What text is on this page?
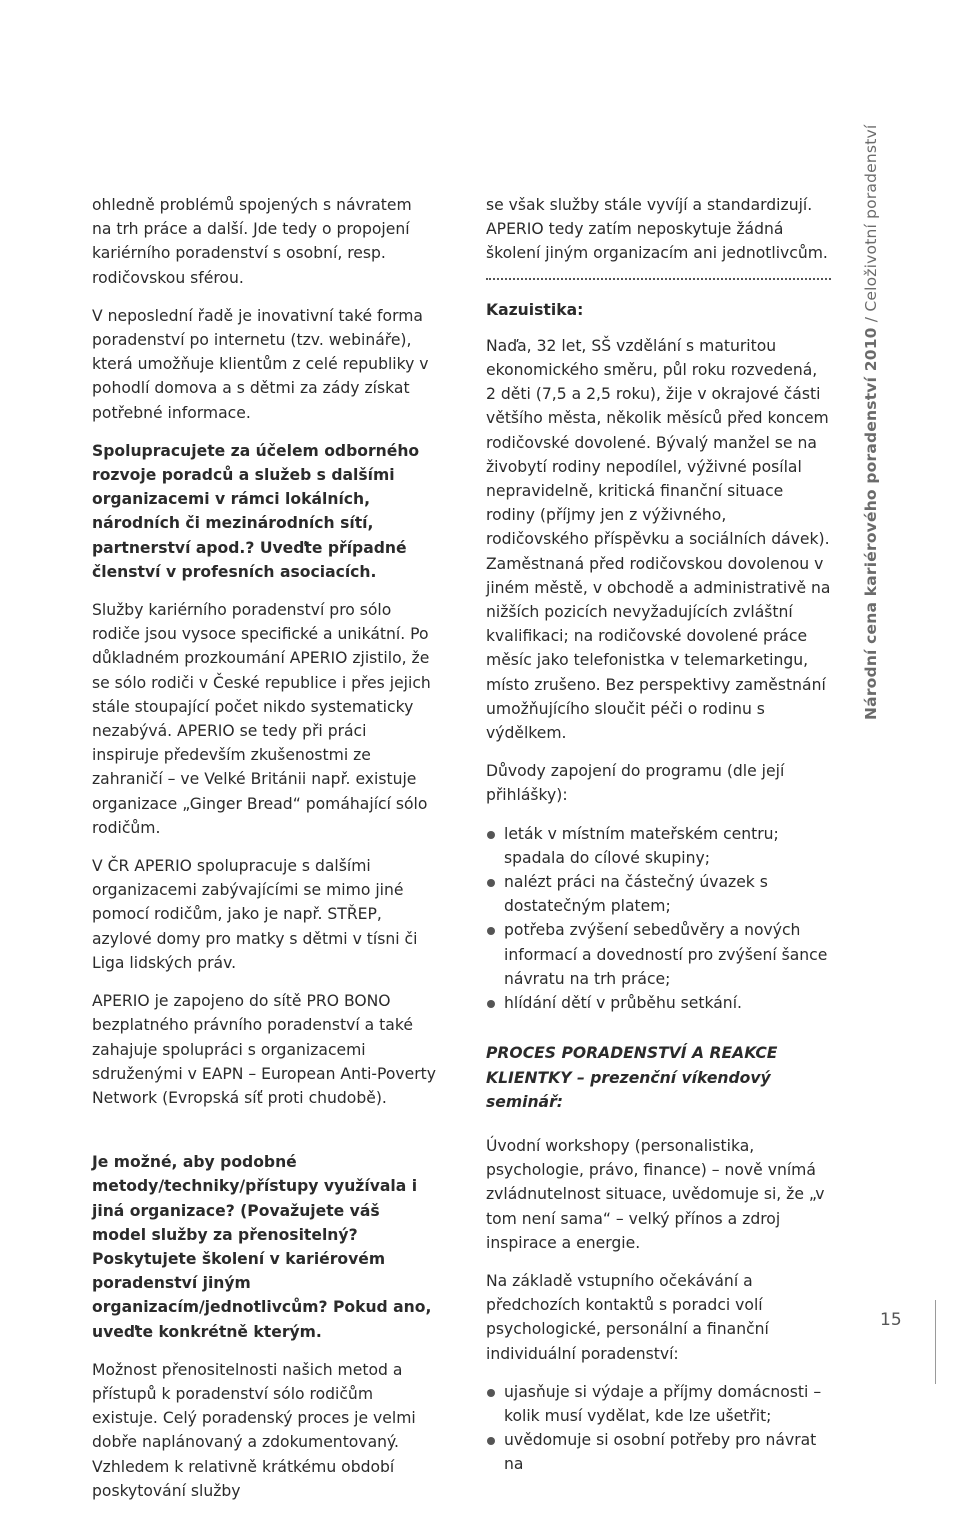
ohledně problémů spojených s návratem na trh práce a další. Jde tedy o propojení kariérního poradenství s osobní, resp. rodičovskou sférou.

V neposlední řadě je inovativní také forma poradenství po internetu (tzv. webináře), která umožňuje klientům z celé republiky v pohodlí domova a s dětmi za zády získat potřebné informace.

Spolupracujete za účelem odborného rozvoje poradců a služeb s dalšími organizacemi v rámci lokálních, národních či mezinárodních sítí, partnerství apod.? Uveďte případné členství v profesních asociacích.

Služby kariérního poradenství pro sólo rodiče jsou vysoce specifické a unikátní. Po důkladném prozkoumání APERIO zjistilo, že se sólo rodiči v České republice i přes jejich stále stoupající počet nikdo systematicky nezabývá. APERIO se tedy při práci inspiruje především zkušenostmi ze zahraničí – ve Velké Británii např. existuje organizace „Ginger Bread“ pomáhající sólo rodičům.

V ČR APERIO spolupracuje s dalšími organizacemi zabývajícími se mimo jiné pomocí rodičům, jako je např. STŘEP, azylové domy pro matky s dětmi v tísni či Liga lidských práv.

APERIO je zapojeno do sítě PRO BONO bezplatného právního poradenství a také zahajuje spolupráci s organizacemi sdruženými v EAPN – European Anti-Poverty Network (Evropská síť proti chudobě).

Je možné, aby podobné metody/techniky/přístupy využívala i jiná organizace? (Považujete váš model služby za přenositelný? Poskytujete školení v kariérovém poradenství jiným organizacím/jednotlivcům? Pokud ano, uveďte konkrétně kterým.

Možnost přenositelnosti našich metod a přístupů k poradenství sólo rodičům existuje. Celý poradenský proces je velmi dobře naplánovaný a zdokumentovaný. Vzhledem k relativně krátkému období poskytování služby

se však služby stále vyvíjí a standardizují. APERIO tedy zatím neposkytuje žádná školení jiným organizacím ani jednotlivcům.

Kazuistika:

Naďa, 32 let, SŠ vzdělání s maturitou ekonomického směru, půl roku rozvedená, 2 děti (7,5 a 2,5 roku), žije v okrajové části většího města, několik měsíců před koncem rodičovské dovolené. Bývalý manžel se na živobytí rodiny nepodílel, výživné posílal nepravidelně, kritická finanční situace rodiny (příjmy jen z výživného, rodičovského příspěvku a sociálních dávek). Zaměstnaná před rodičovskou dovolenou v jiném městě, v obchodě a administrativě na nižších pozicích nevyžadujících zvláštní kvalifikaci; na rodičovské dovolené práce měsíc jako telefonistka v telemarketingu, místo zrušeno. Bez perspektivy zaměstnání umožňujícího sloučit péči o rodinu s výdělkem.

Důvody zapojení do programu (dle její přihlášky):

leták v místním mateřském centru; spadala do cílové skupiny;
nalézt práci na částečný úvazek s dostatečným platem;
potřeba zvýšení sebedůvěry a nových informací a dovedností pro zvýšení šance návratu na trh práce;
hlídání dětí v průběhu setkání.

PROCES PORADENSTVÍ A REAKCE KLIENTKY – prezenční víkendový seminář:

Úvodní workshopy (personalistika, psychologie, právo, finance) – nově vnímá zvládnutelnost situace, uvědomuje si, že „v tom není sama“ – velký přínos a zdroj inspirace a energie.

Na základě vstupního očekávání a předchozích kontaktů s poradci volí psychologické, personální a finanční individuální poradenství:

ujasňuje si výdaje a příjmy domácnosti – kolik musí vydělat, kde lze ušetřit;
uvědomuje si osobní potřeby pro návrat na
Národní cena kariérového poradenství 2010 / Celoživotní poradenství
15
